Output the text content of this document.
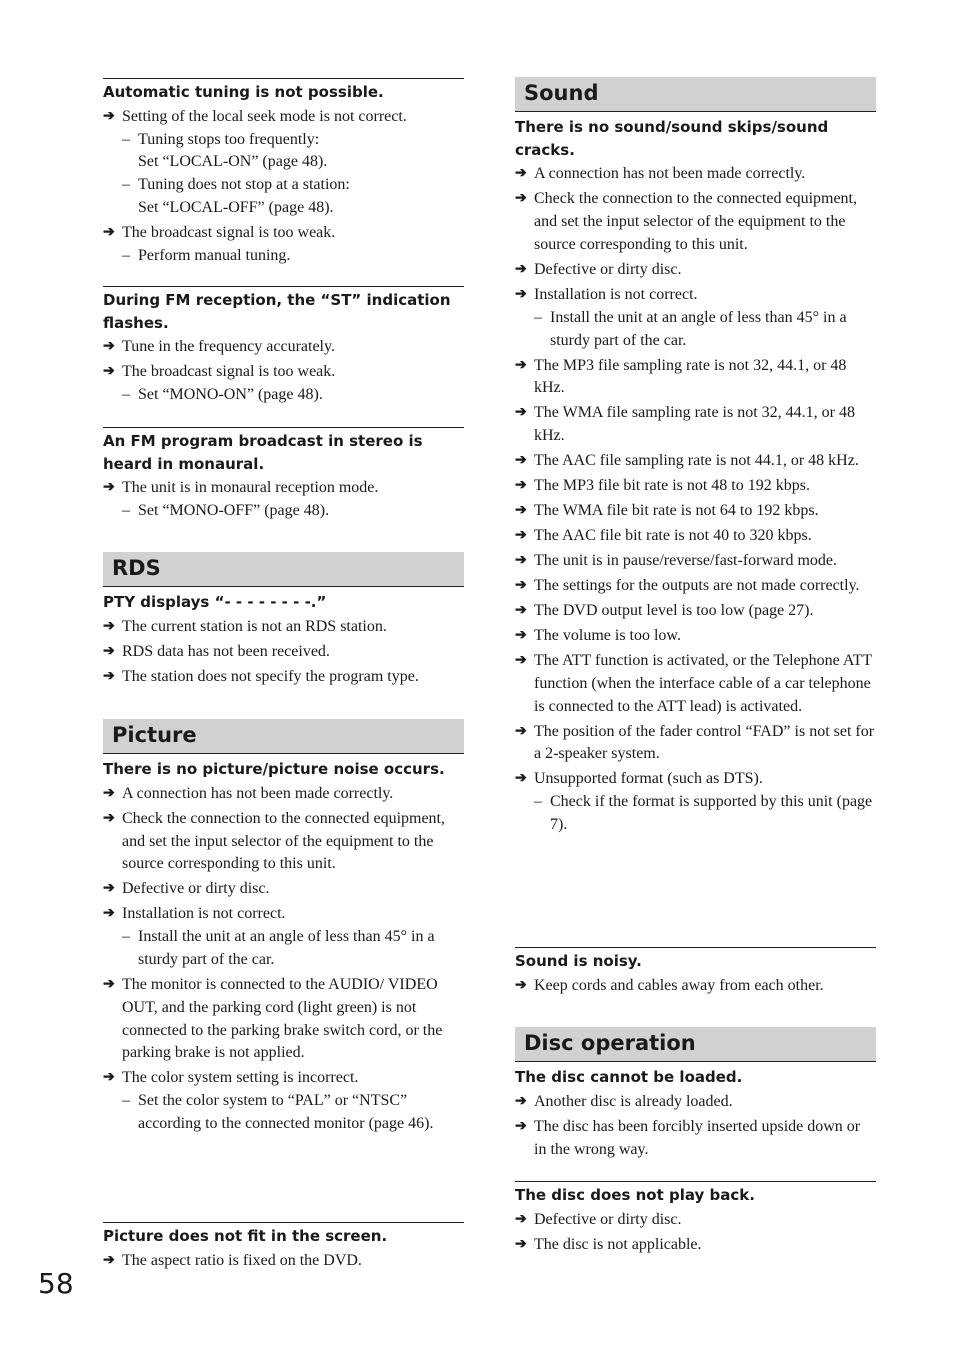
Automatic tuning is not possible.
➔ Setting of the local seek mode is not correct.
– Tuning stops too frequently:
Set “LOCAL-ON” (page 48).
– Tuning does not stop at a station:
Set “LOCAL-OFF” (page 48).
➔ The broadcast signal is too weak.
– Perform manual tuning.
During FM reception, the “ST” indication flashes.
➔ Tune in the frequency accurately.
➔ The broadcast signal is too weak.
– Set “MONO-ON” (page 48).
An FM program broadcast in stereo is heard in monaural.
➔ The unit is in monaural reception mode.
– Set “MONO-OFF” (page 48).
RDS
PTY displays “- - - - - - - -.”
➔ The current station is not an RDS station.
➔ RDS data has not been received.
➔ The station does not specify the program type.
Picture
There is no picture/picture noise occurs.
➔ A connection has not been made correctly.
➔ Check the connection to the connected equipment, and set the input selector of the equipment to the source corresponding to this unit.
➔ Defective or dirty disc.
➔ Installation is not correct.
– Install the unit at an angle of less than 45° in a sturdy part of the car.
➔ The monitor is connected to the AUDIO/ VIDEO OUT, and the parking cord (light green) is not connected to the parking brake switch cord, or the parking brake is not applied.
➔ The color system setting is incorrect.
– Set the color system to “PAL” or “NTSC” according to the connected monitor (page 46).
Picture does not fit in the screen.
➔ The aspect ratio is fixed on the DVD.
Sound
There is no sound/sound skips/sound cracks.
➔ A connection has not been made correctly.
➔ Check the connection to the connected equipment, and set the input selector of the equipment to the source corresponding to this unit.
➔ Defective or dirty disc.
➔ Installation is not correct.
– Install the unit at an angle of less than 45° in a sturdy part of the car.
➔ The MP3 file sampling rate is not 32, 44.1, or 48 kHz.
➔ The WMA file sampling rate is not 32, 44.1, or 48 kHz.
➔ The AAC file sampling rate is not 44.1, or 48 kHz.
➔ The MP3 file bit rate is not 48 to 192 kbps.
➔ The WMA file bit rate is not 64 to 192 kbps.
➔ The AAC file bit rate is not 40 to 320 kbps.
➔ The unit is in pause/reverse/fast-forward mode.
➔ The settings for the outputs are not made correctly.
➔ The DVD output level is too low (page 27).
➔ The volume is too low.
➔ The ATT function is activated, or the Telephone ATT function (when the interface cable of a car telephone is connected to the ATT lead) is activated.
➔ The position of the fader control “FAD” is not set for a 2-speaker system.
➔ Unsupported format (such as DTS).
– Check if the format is supported by this unit (page 7).
Sound is noisy.
➔ Keep cords and cables away from each other.
Disc operation
The disc cannot be loaded.
➔ Another disc is already loaded.
➔ The disc has been forcibly inserted upside down or in the wrong way.
The disc does not play back.
➔ Defective or dirty disc.
➔ The disc is not applicable.
58
